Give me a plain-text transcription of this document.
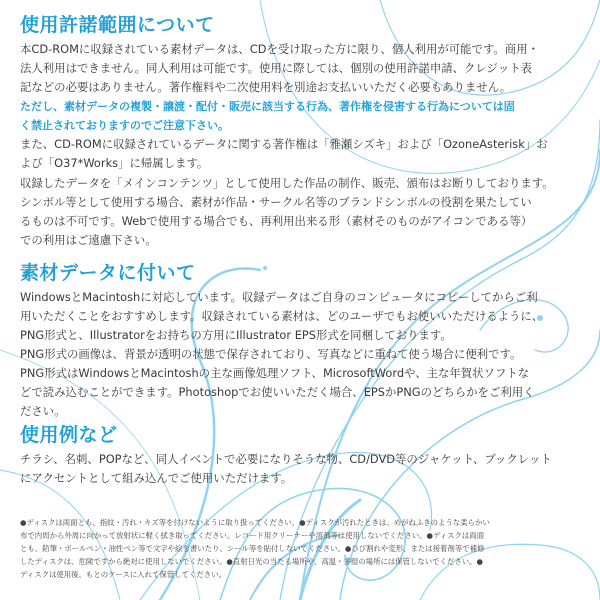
使用許諾範囲について
本CD-ROMに収録されている素材データは、CDを受け取った方に限り、個人利用が可能です。商用・
法人利用はできません。同人利用は可能です。使用に際しては、個別の使用許諾申請、クレジット表
記などの必要はありません。著作権料や二次使用料を別途お支払いいただく必要もありません。
ただし、素材データの複製・譲渡・配付・販売に該当する行為、著作権を侵害する行為については固
く禁止されておりますのでご注意下さい。
また、CD-ROMに収録されているデータに関する著作権は「雅瀬シズキ」および「OzoneAsterisk」お
よび「O37*Works」に帰属します。
収録したデータを「メインコンテンツ」として使用した作品の制作、販売、頒布はお断りしております。
シンボル等として使用する場合、素材が作品・サークル名等のブランドシンボルの役割を果たしてい
るものは不可です。Webで使用する場合でも、再利用出来る形（素材そのものがアイコンである等）
での利用はご遠慮下さい。
素材データに付いて
WindowsとMacintoshに対応しています。収録データはご自身のコンピュータにコピーしてからご利
用いただくことをおすすめします。収録されている素材は、どのユーザでもお使いいただけるように、
PNG形式と、Illustratorをお持ちの方用にIllustrator EPS形式を同梱しております。
PNG形式の画像は、背景が透明の状態で保存されており、写真などに重ねて使う場合に便利です。
PNG形式はWindowsとMacintoshの主な画像処理ソフト、MicrosoftWordや、主な年賀状ソフトな
どで読み込むことができます。Photoshopでお使いいただく場合、EPSかPNGのどちらかをご利用く
ださい。
使用例など
チラシ、名刺、POPなど、同人イベントで必要になりそうな物、CD/DVD等のジャケット、ブックレット
にアクセントとして組み込んでご使用いただけます。
●ディスクは両面とも、指紋・汚れ・キズ等を付けないように取り扱ってください。●ディスクが汚れたときは、めがねふきのような柔らかい
布で内周から外周に向かって放射状に軽く拭き取ってください。レコード用クリーナーや溶剤等は使用しないでください。●ディスクは両面
とも、鉛筆・ボールペン・油性ペン等で文字や絵を書いたり、シール等を貼付しないでください。●ひび割れや変形、または接着剤等で補修
したディスクは、危険ですから絶対に使用しないでください。●直射日光の当たる場所や、高温・多湿の場所には保管しないでください。●
ディスクは使用後、もとのケースに入れて保管してください。
